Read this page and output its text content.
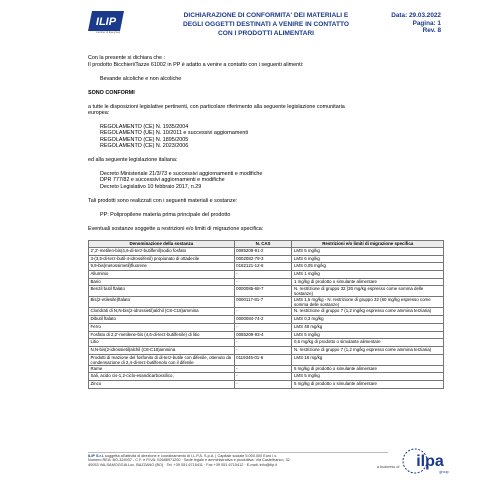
ILIP
member of ilpa group
DICHIARAZIONE DI CONFORMITA' DEI MATERIALI E
DEGLI OGGETTI DESTINATI A VENIRE IN CONTATTO
CON I PRODOTTI ALIMENTARI
Data: 29.03.2022
Pagina: 1
Rev. 8
Con la presente si dichiara che :
Il prodotto Bicchieri/Tazze 61002 in PP è adatto a venire a contatto con i seguenti alimenti:
Bevande alcoliche e non alcoliche
SONO CONFORMI
a tutte le disposizioni legislative pertinenti, con particolare riferimento alla seguente legislazione comunitaria
europea:
REGOLAMENTO (CE) N. 1935/2004
REGOLAMENTO (UE) N. 10/2011 e successivi aggiornamenti
REGOLAMENTO (CE) N. 1895/2005
REGOLAMENTO (CE) N. 2023/2006
ed alla seguente legislazione italiana:
Decreto Ministeriale 21/3/73 e successivi aggiornamenti e modifiche
DPR 777/82 e successivi aggiornamenti e modifiche
Decreto Legislativo 10 febbraio 2017, n.29
Tali prodotti sono realizzati con i seguenti materiali e sostanze:
PP: Polipropilene materia prima principale del prodotto
Eventuali sostanze soggette a restrizioni e/o limiti di migrazione specifica:
Denominazione della sostanza	N. CAS	Restrizioni e/o limiti di migrazione specifica
2',2'-metilen-bis(4,6-di-terz-butilfenil)sodio fosfato	0085209-91-2	LMS 5 mg/kg
3-(3,5-di-terz-butil-4-idrossifenil) propionato di ottadecile	0002082-79-3	LMS 6 mg/kg
9,9-bis(metossimetil)fluorene	0182121-12-6	LMS 0,05 mg/kg
Alluminio	-	LMS 1 mg/kg
Bario	-	1 mg/kg di prodotto o simulante alimentare
Benzil butil ftalato	0000085-68-7	N. restrizione di gruppo 32 (30 mg/kg espresso come somma delle sostanze)
Bis(2-etilesile)ftalato	0000117-81-7	LMS 1,5 mg/kg - N. restrizione di gruppo 32 (60 mg/kg espresso come somma delle sostanze)
Cloridrati di N,N-bis(2-idrossietil)alchil (C8-C18)ammina	-	N. restrizione di gruppo 7 (1,2 mg/kg espresso come ammina terziaria)
Dibutil ftalato	0000084-74-2	LMS 0,3 mg/kg
Ferro	-	LMS 48 mg/kg
Fosfato di 2,2'-metilene-bis (4,6-di-terz-butilfenile) di litio	0085209-93-4	LMS 5 mg/kg
Litio	-	0,6 mg/kg di prodotto o simulante alimentare
N,N-bis(2-idrossietil)alchil (C8-C18)ammina	-	N. restrizione di gruppo 7 (1,2 mg/kg espresso come ammina terziaria)
Prodotti di reazione del fosfonito di di-terz-butile con difenile, ottenuto da condensazione di 2,4-di-terz-butilfenolo con il difenile	0119345-01-6	LMS 18 mg/kg
Rame	-	5 mg/kg di prodotto o simulante alimentare
Sali, acido cis-1,2-ciclo-esandicarbossilico,	-	LMS 5 mg/kg
Zinco	-	5 mg/kg di prodotto o simulante alimentare
ILIP S.r.l. soggetta all'attività di direzione e coordinamento di I.L.P.A. S.p.A. | Capitale sociale 5.000.000 Euro i.v.
Numero REA: BO-324937 - C.F. e P.IVA: 02688971200 · Sede legale e amministrativa e produttiva: Via Castelfranco, 32
40053 VALSAMOGGIA Loc. BAZZANO (BO) · Tel: +39 051 6715411 · Fax +39 051 6715412 · E-mail: info@ilip.it
a business of ilpa
group
